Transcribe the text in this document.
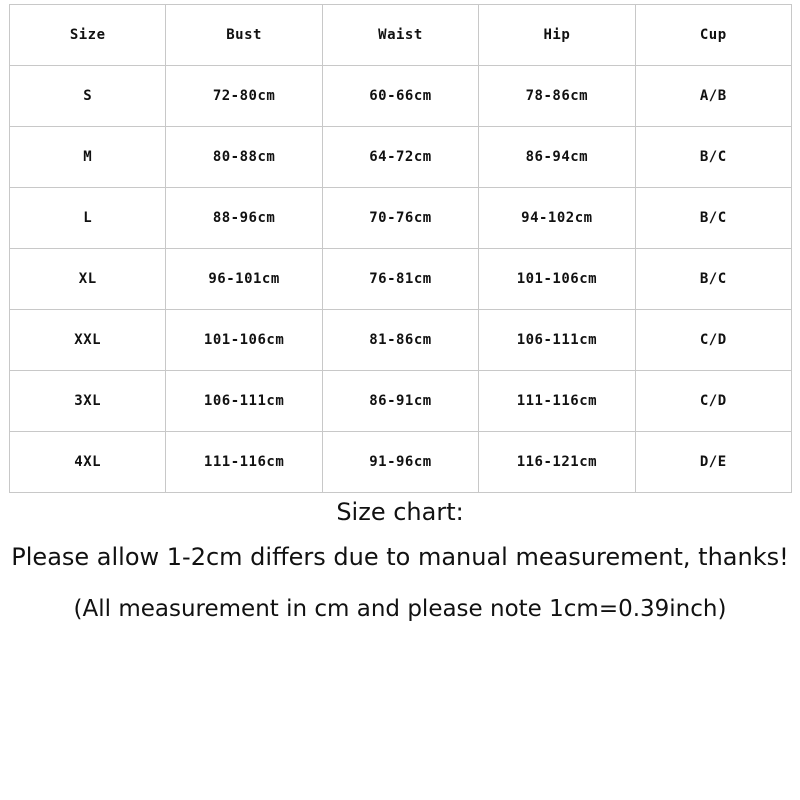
Size	Bust	Waist	Hip	Cup
S	72-80cm	60-66cm	78-86cm	A/B
M	80-88cm	64-72cm	86-94cm	B/C
L	88-96cm	70-76cm	94-102cm	B/C
XL	96-101cm	76-81cm	101-106cm	B/C
XXL	101-106cm	81-86cm	106-111cm	C/D
3XL	106-111cm	86-91cm	111-116cm	C/D
4XL	111-116cm	91-96cm	116-121cm	D/E

Size chart:

Please allow 1-2cm differs due to manual measurement, thanks!

(All measurement in cm and please note 1cm=0.39inch)
